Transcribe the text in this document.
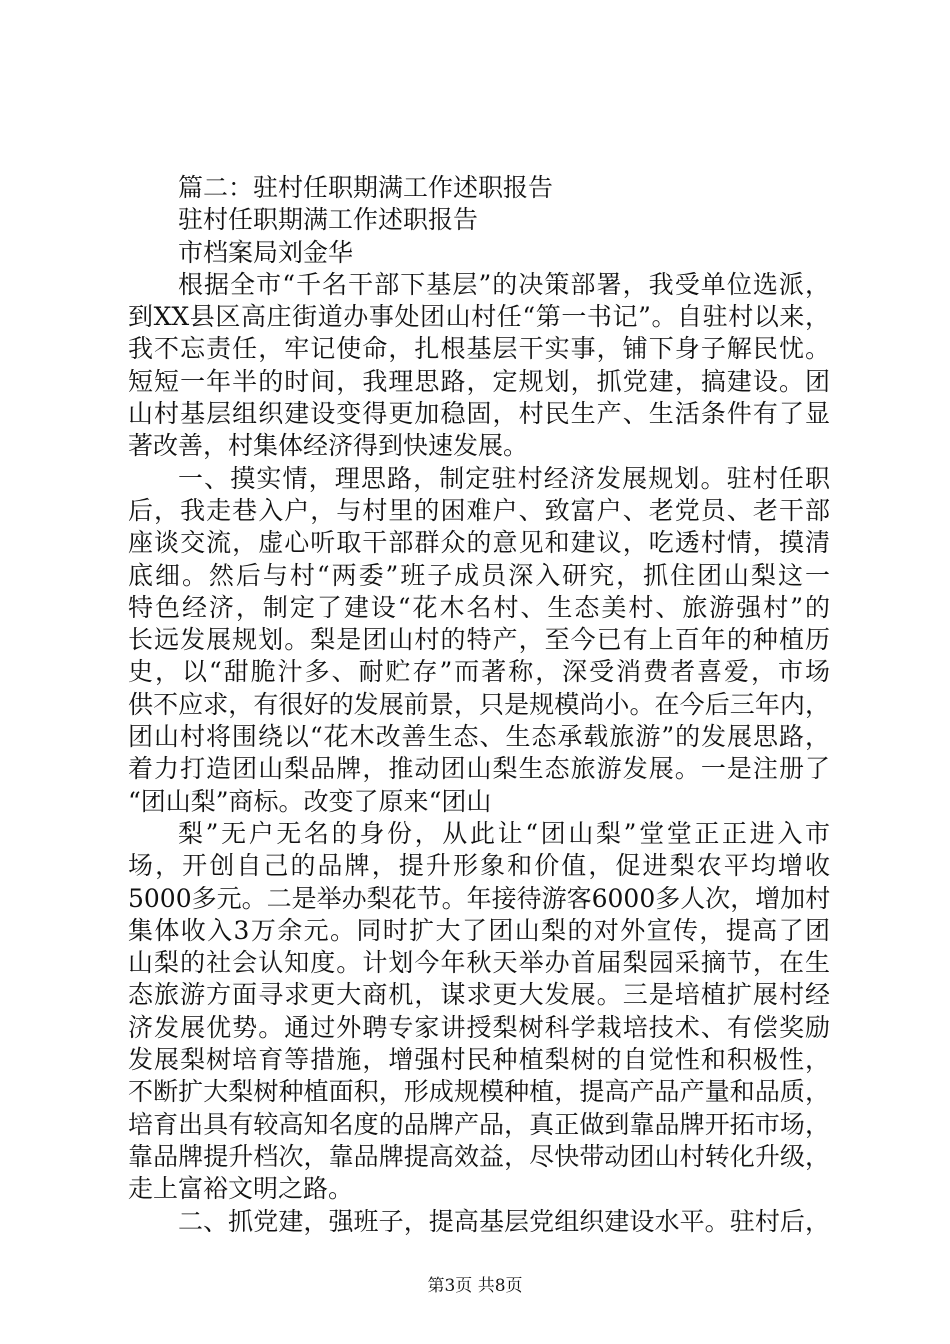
篇二：驻村任职期满工作述职报告
驻村任职期满工作述职报告
市档案局刘金华
根据全市“千名干部下基层”的决策部署，我受单位选派，
到XX县区高庄街道办事处团山村任“第一书记”。自驻村以来，
我不忘责任，牢记使命，扎根基层干实事，铺下身子解民忧。
短短一年半的时间，我理思路，定规划，抓党建，搞建设。团
山村基层组织建设变得更加稳固，村民生产、生活条件有了显
著改善，村集体经济得到快速发展。
一、摸实情，理思路，制定驻村经济发展规划。驻村任职
后，我走巷入户，与村里的困难户、致富户、老党员、老干部
座谈交流，虚心听取干部群众的意见和建议，吃透村情，摸清
底细。然后与村“两委”班子成员深入研究，抓住团山梨这一
特色经济，制定了建设“花木名村、生态美村、旅游强村”的
长远发展规划。梨是团山村的特产，至今已有上百年的种植历
史，以“甜脆汁多、耐贮存”而著称，深受消费者喜爱，市场
供不应求，有很好的发展前景，只是规模尚小。在今后三年内，
团山村将围绕以“花木改善生态、生态承载旅游”的发展思路，
着力打造团山梨品牌，推动团山梨生态旅游发展。一是注册了
“团山梨”商标。改变了原来“团山
梨”无户无名的身份，从此让“团山梨”堂堂正正进入市
场，开创自己的品牌，提升形象和价值，促进梨农平均增收
5000多元。二是举办梨花节。年接待游客6000多人次，增加村
集体收入3万余元。同时扩大了团山梨的对外宣传，提高了团
山梨的社会认知度。计划今年秋天举办首届梨园采摘节，在生
态旅游方面寻求更大商机，谋求更大发展。三是培植扩展村经
济发展优势。通过外聘专家讲授梨树科学栽培技术、有偿奖励
发展梨树培育等措施，增强村民种植梨树的自觉性和积极性，
不断扩大梨树种植面积，形成规模种植，提高产品产量和品质，
培育出具有较高知名度的品牌产品，真正做到靠品牌开拓市场，
靠品牌提升档次，靠品牌提高效益，尽快带动团山村转化升级，
走上富裕文明之路。
二、抓党建，强班子，提高基层党组织建设水平。驻村后，
第3页 共8页
